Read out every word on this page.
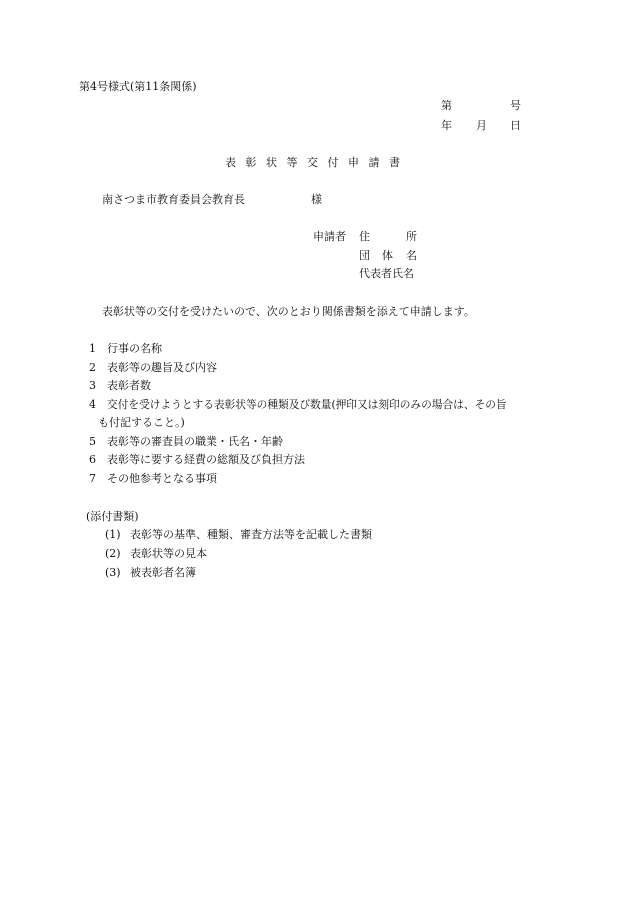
第4号様式(第11条関係)
第	号
年 月 日
表彰状等交付申請書
南さつま市教育委員会教育長	様
申請者 住	所
団 体 名
代表者氏名
表彰状等の交付を受けたいので、次のとおり関係書類を添えて申請します。
1 行事の名称
2 表彰等の趣旨及び内容
3 表彰者数
4 交付を受けようとする表彰状等の種類及び数量(押印又は刻印のみの場合は、その旨
も付記すること。)
5 表彰等の審査員の職業・氏名・年齢
6 表彰等に要する経費の総額及び負担方法
7 その他参考となる事項
(添付書類)
(1) 表彰等の基準、種類、審査方法等を記載した書類
(2) 表彰状等の見本
(3) 被表彰者名簿
